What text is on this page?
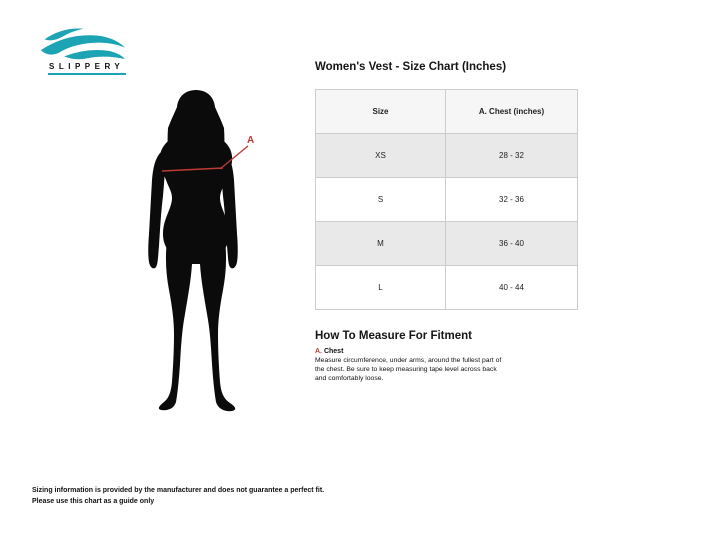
SLIPPERY
A
Women's Vest - Size Chart (Inches)
Size	A. Chest (inches)
XS	28 - 32
S	32 - 36
M	36 - 40
L	40 - 44
How To Measure For Fitment
A. Chest
Measure circumference, under arms, around the fullest part of the chest. Be sure to keep measuring tape level across back and comfortably loose.
Sizing information is provided by the manufacturer and does not guarantee a perfect fit.
Please use this chart as a guide only
